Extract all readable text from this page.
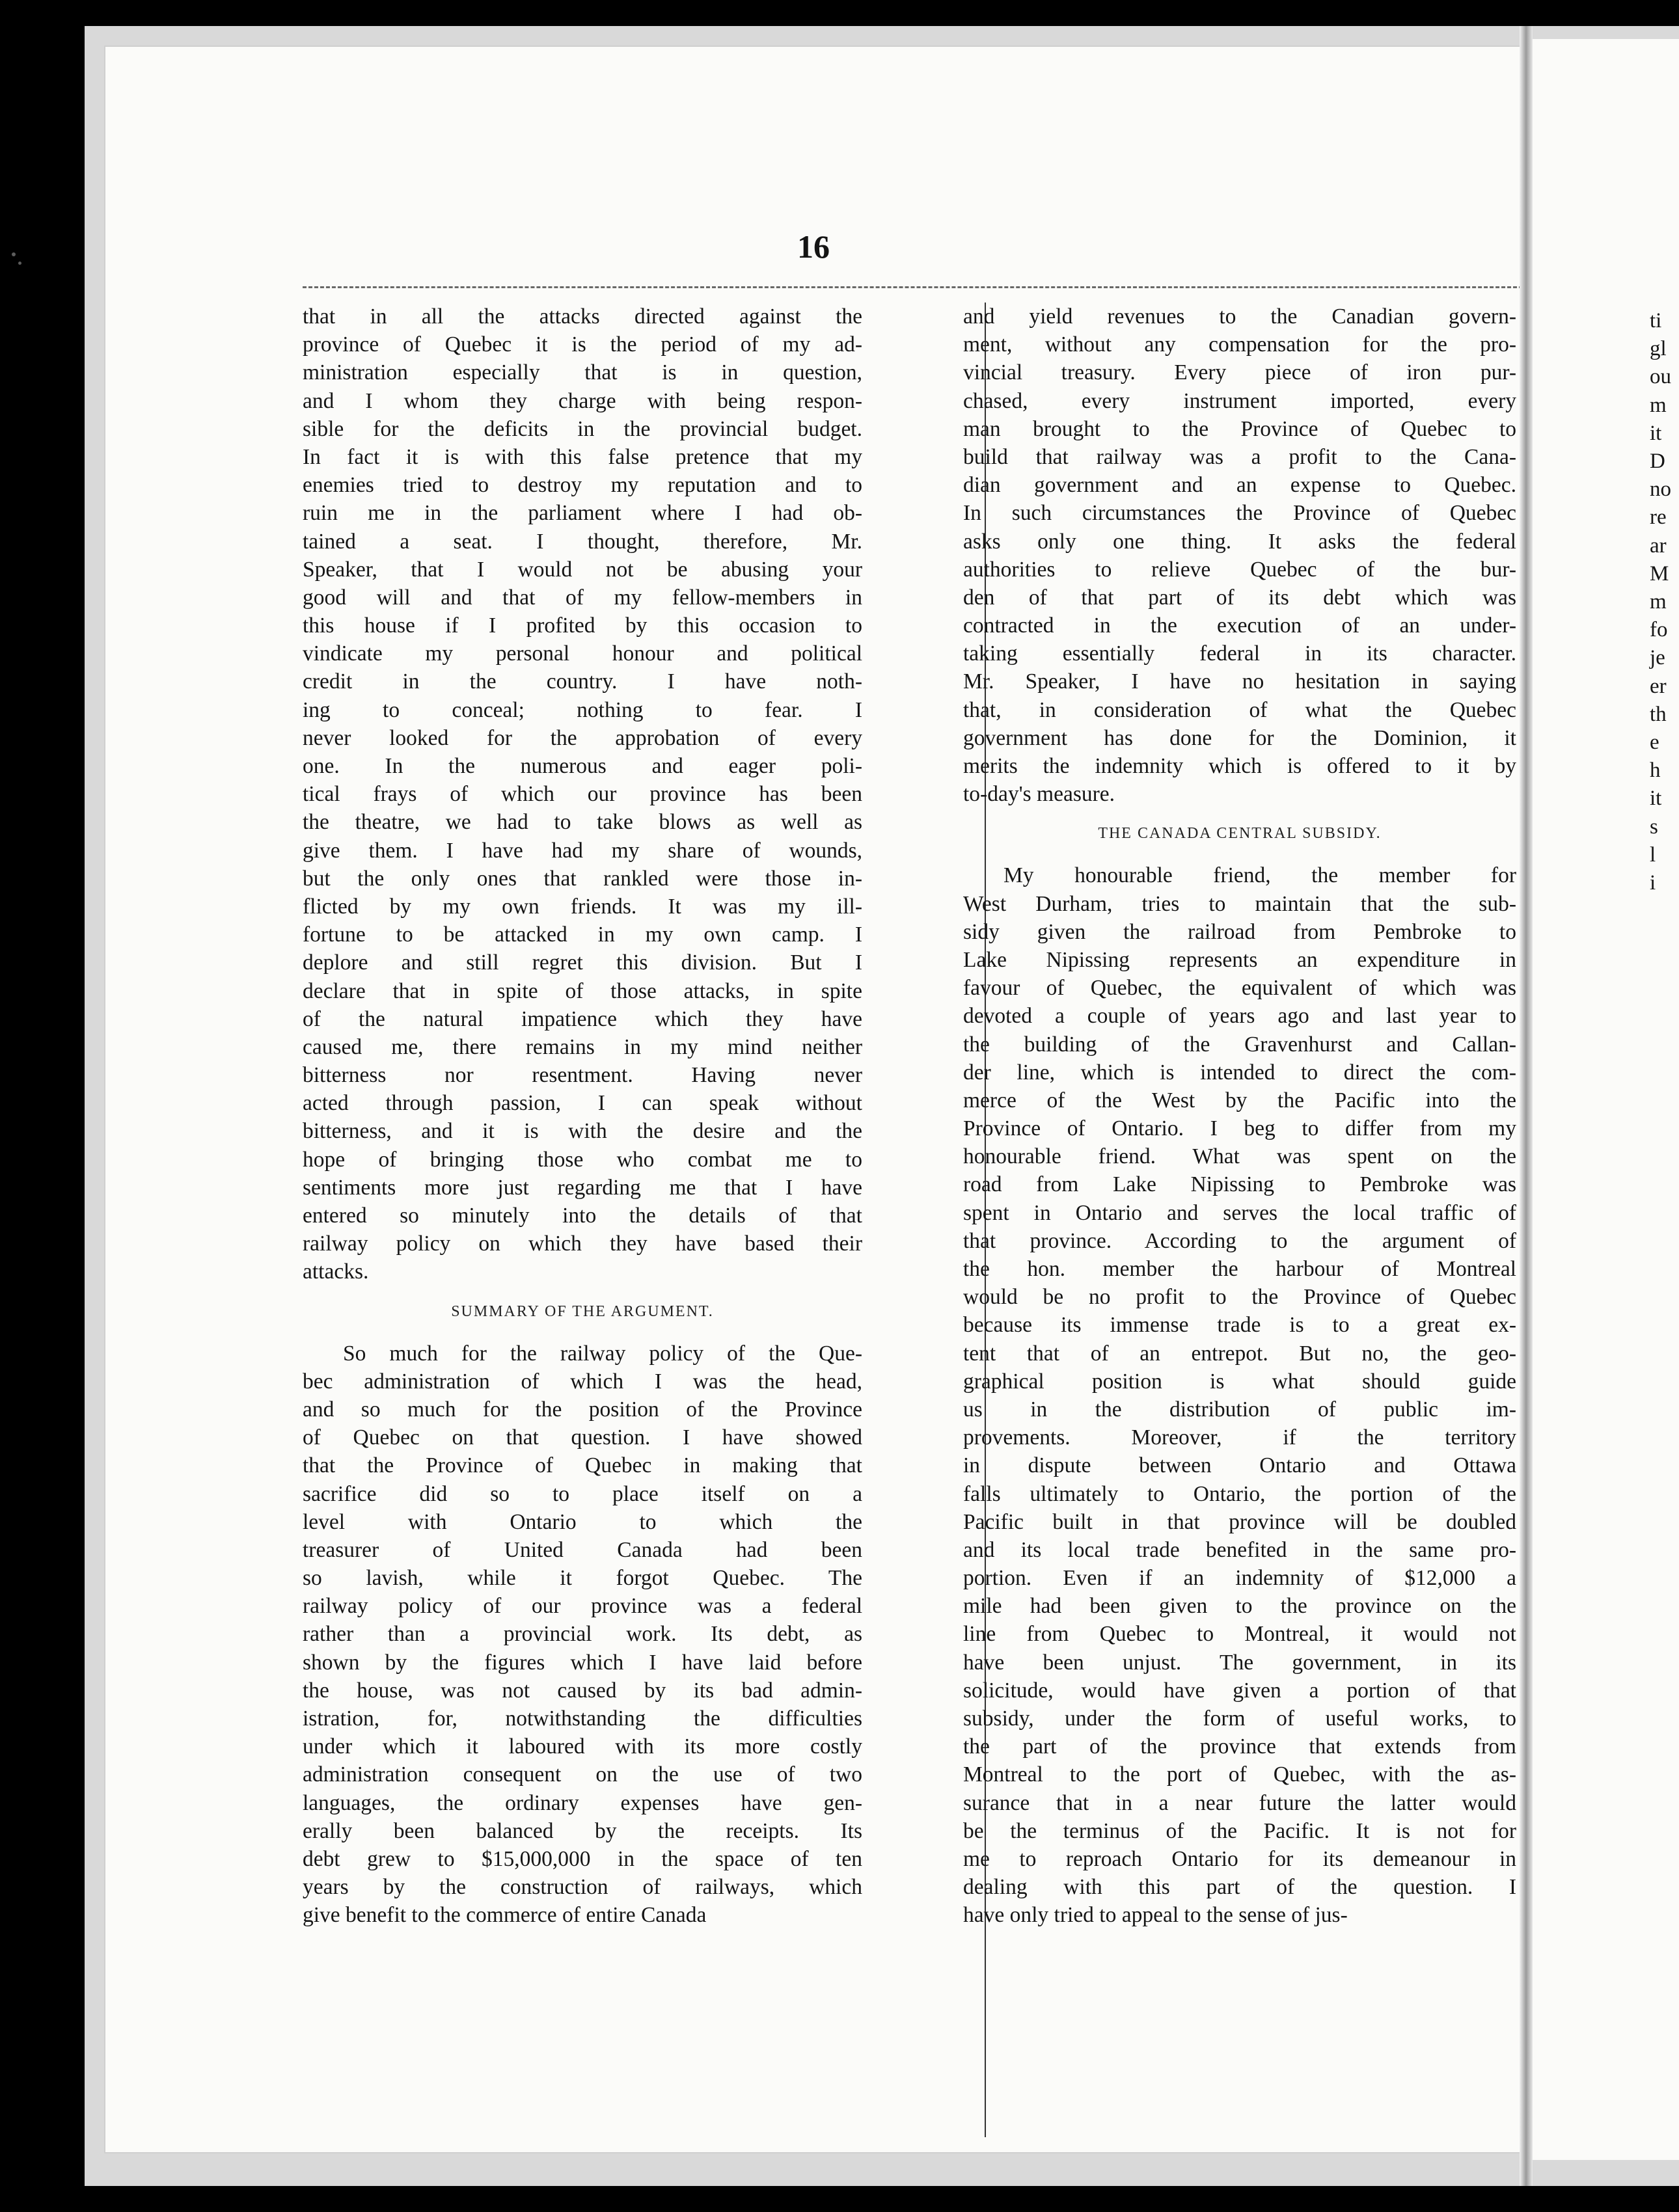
16
that in all the attacks directed against the
province of Quebec it is the period of my ad-
ministration especially that is in question,
and I whom they charge with being respon-
sible for the deficits in the provincial budget.
In fact it is with this false pretence that my
enemies tried to destroy my reputation and to
ruin me in the parliament where I had ob-
tained a seat. I thought, therefore, Mr.
Speaker, that I would not be abusing your
good will and that of my fellow-members in
this house if I profited by this occasion to
vindicate my personal honour and political
credit in the country. I have noth-
ing to conceal; nothing to fear. I
never looked for the approbation of every
one. In the numerous and eager poli-
tical frays of which our province has been
the theatre, we had to take blows as well as
give them. I have had my share of wounds,
but the only ones that rankled were those in-
flicted by my own friends. It was my ill-
fortune to be attacked in my own camp. I
deplore and still regret this division. But I
declare that in spite of those attacks, in spite
of the natural impatience which they have
caused me, there remains in my mind neither
bitterness nor resentment. Having never
acted through passion, I can speak without
bitterness, and it is with the desire and the
hope of bringing those who combat me to
sentiments more just regarding me that I have
entered so minutely into the details of that
railway policy on which they have based their
attacks.
SUMMARY OF THE ARGUMENT.
So much for the railway policy of the Que-
bec administration of which I was the head,
and so much for the position of the Province
of Quebec on that question. I have showed
that the Province of Quebec in making that
sacrifice did so to place itself on a
level with Ontario to which the
treasurer of United Canada had been
so lavish, while it forgot Quebec. The
railway policy of our province was a federal
rather than a provincial work. Its debt, as
shown by the figures which I have laid before
the house, was not caused by its bad admin-
istration, for, notwithstanding the difficulties
under which it laboured with its more costly
administration consequent on the use of two
languages, the ordinary expenses have gen-
erally been balanced by the receipts. Its
debt grew to $15,000,000 in the space of ten
years by the construction of railways, which
give benefit to the commerce of entire Canada
and yield revenues to the Canadian govern-
ment, without any compensation for the pro-
vincial treasury. Every piece of iron pur-
chased, every instrument imported, every
man brought to the Province of Quebec to
build that railway was a profit to the Cana-
dian government and an expense to Quebec.
In such circumstances the Province of Quebec
asks only one thing. It asks the federal
authorities to relieve Quebec of the bur-
den of that part of its debt which was
contracted in the execution of an under-
taking essentially federal in its character.
Mr. Speaker, I have no hesitation in saying
that, in consideration of what the Quebec
government has done for the Dominion, it
merits the indemnity which is offered to it by
to-day's measure.
THE CANADA CENTRAL SUBSIDY.
My honourable friend, the member for
West Durham, tries to maintain that the sub-
sidy given the railroad from Pembroke to
Lake Nipissing represents an expenditure in
favour of Quebec, the equivalent of which was
devoted a couple of years ago and last year to
the building of the Gravenhurst and Callan-
der line, which is intended to direct the com-
merce of the West by the Pacific into the
Province of Ontario. I beg to differ from my
honourable friend. What was spent on the
road from Lake Nipissing to Pembroke was
spent in Ontario and serves the local traffic of
that province. According to the argument of
the hon. member the harbour of Montreal
would be no profit to the Province of Quebec
because its immense trade is to a great ex-
tent that of an entrepot. But no, the geo-
graphical position is what should guide
us in the distribution of public im-
provements. Moreover, if the territory
in dispute between Ontario and Ottawa
falls ultimately to Ontario, the portion of the
Pacific built in that province will be doubled
and its local trade benefited in the same pro-
portion. Even if an indemnity of $12,000 a
mile had been given to the province on the
line from Quebec to Montreal, it would not
have been unjust. The government, in its
solicitude, would have given a portion of that
subsidy, under the form of useful works, to
the part of the province that extends from
Montreal to the port of Quebec, with the as-
surance that in a near future the latter would
be the terminus of the Pacific. It is not for
me to reproach Ontario for its demeanour in
dealing with this part of the question. I
have only tried to appeal to the sense of jus-
ti
gl
ou
m
it
D
no
re
ar
M
m
fo
je
er
th
e
h
it
s
l
i
